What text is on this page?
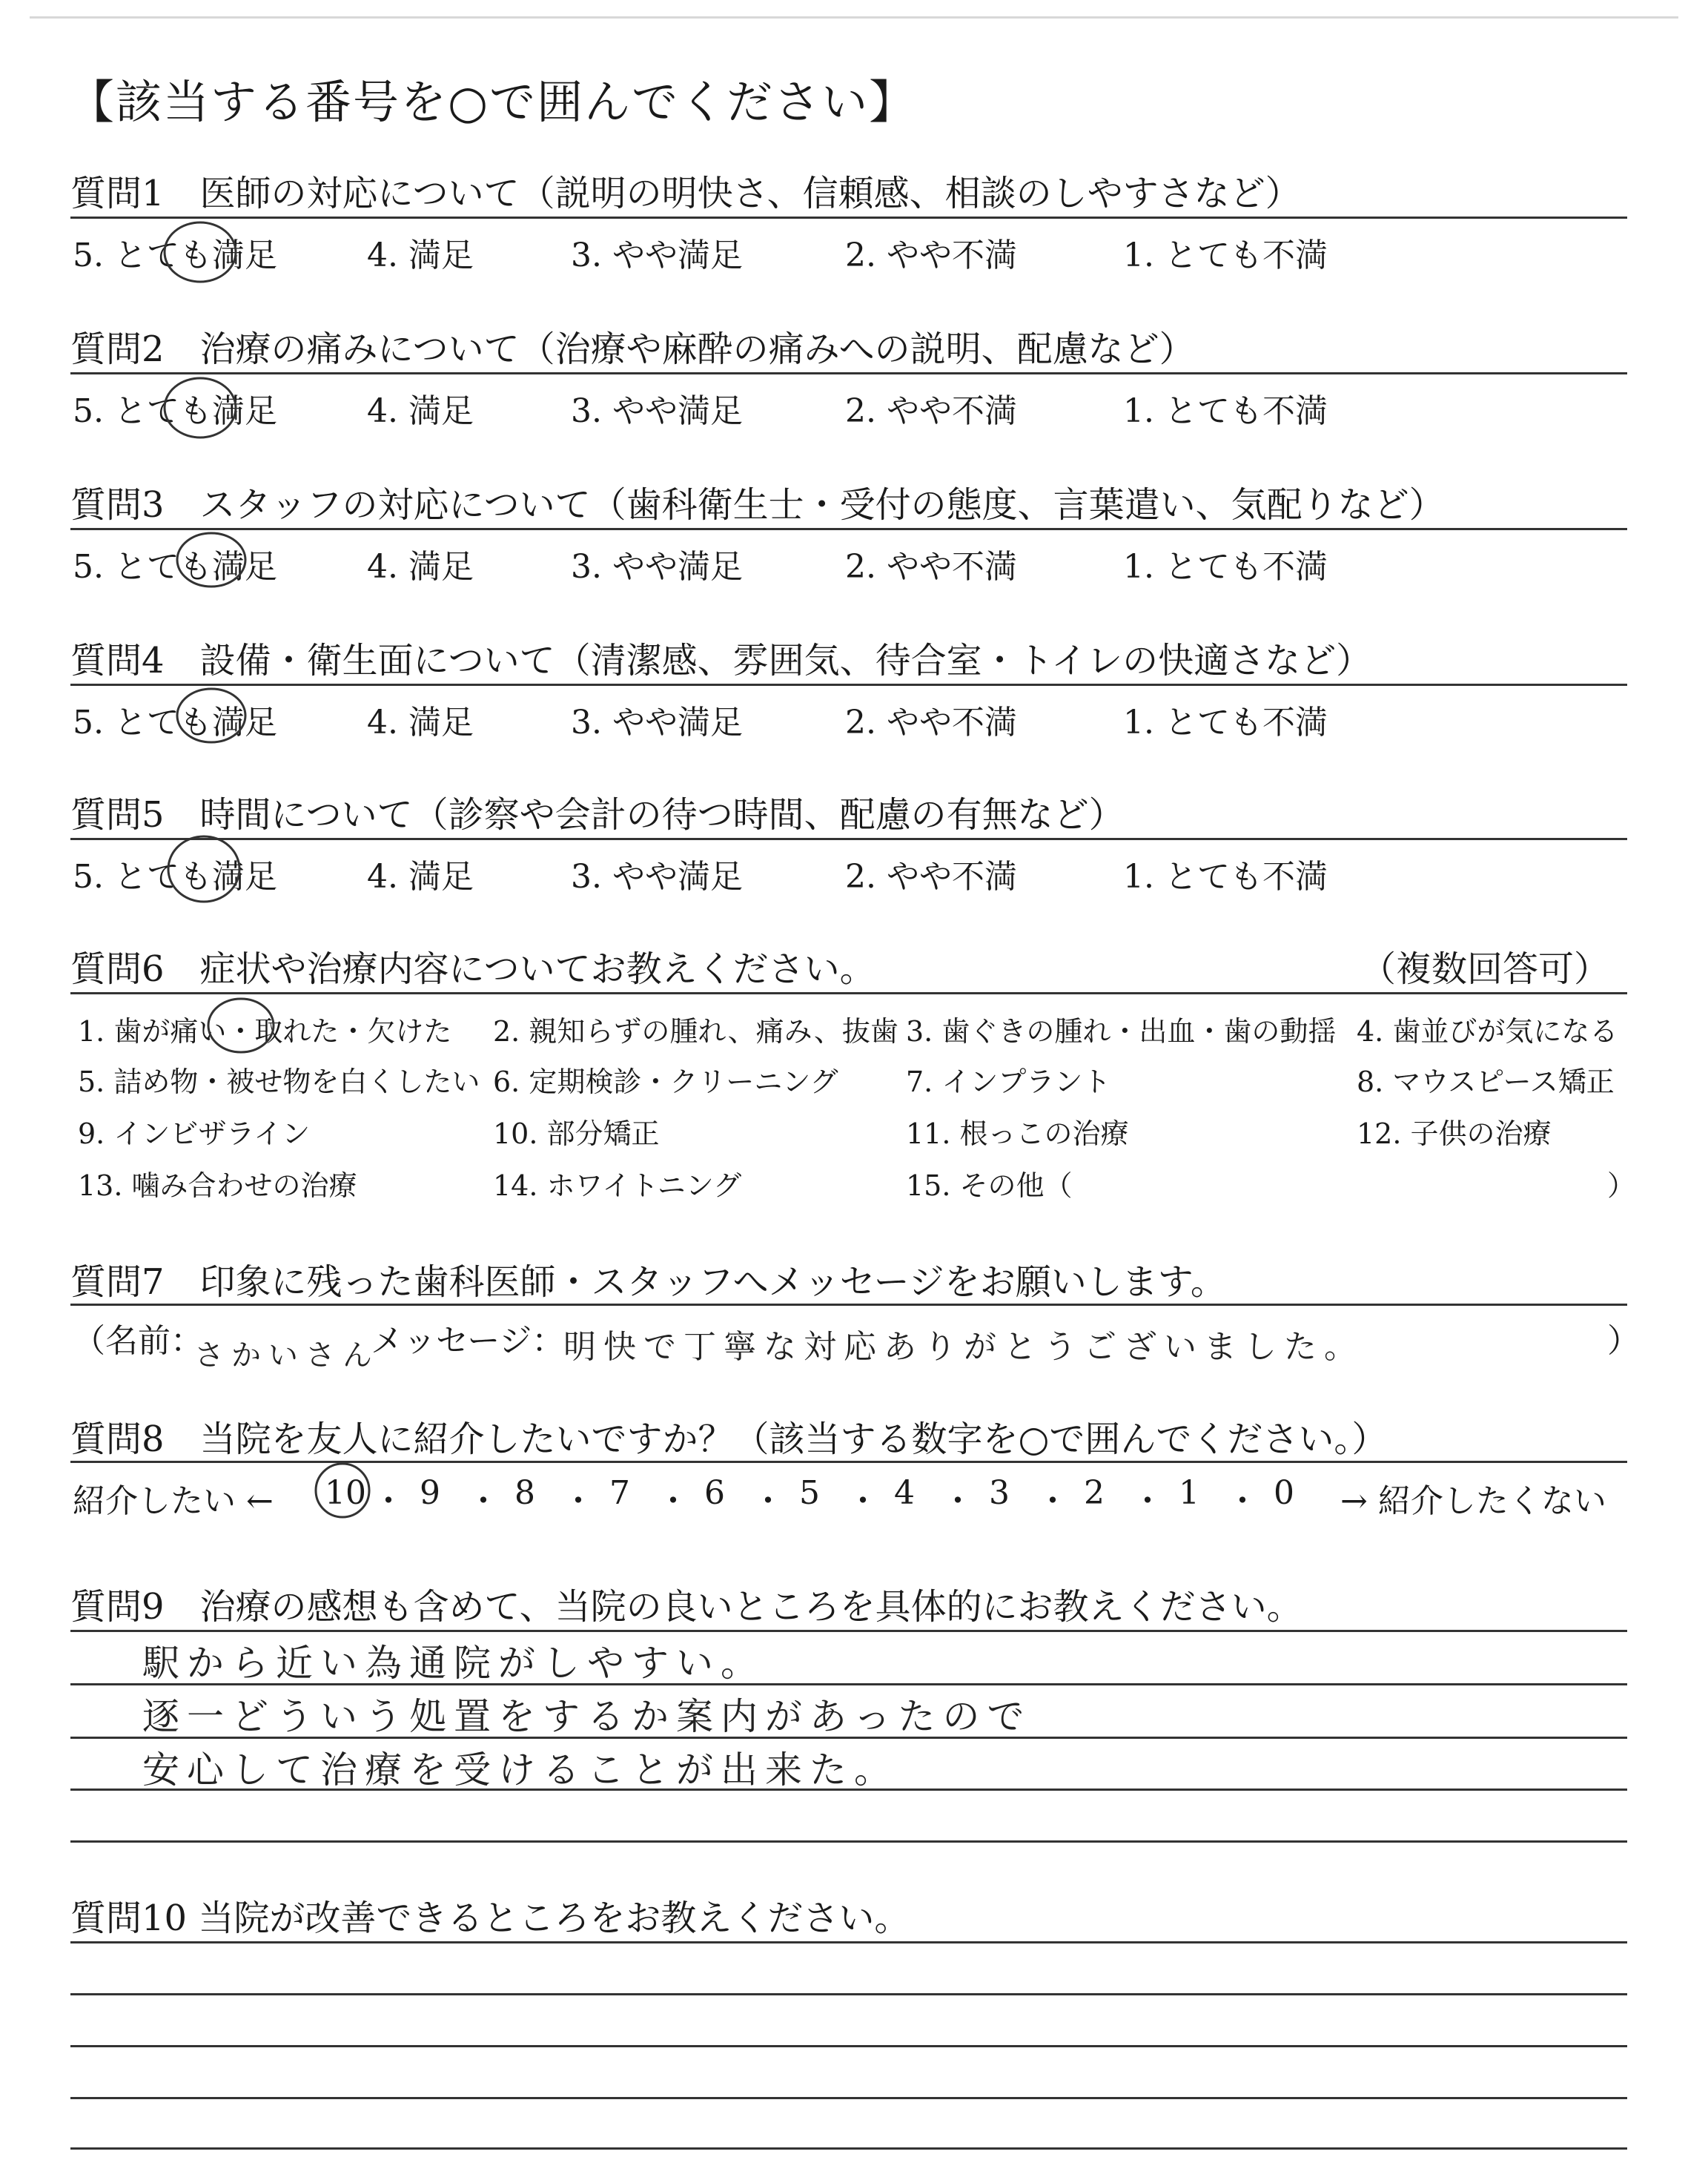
【該当する番号を○で囲んでください】
質問1　医師の対応について（説明の明快さ、信頼感、相談のしやすさなど）
5. とても満足	4. 満足	3. やや満足	2. やや不満	1. とても不満
質問2　治療の痛みについて（治療や麻酔の痛みへの説明、配慮など）
5. とても満足	4. 満足	3. やや満足	2. やや不満	1. とても不満
質問3　スタッフの対応について（歯科衛生士・受付の態度、言葉遣い、気配りなど）
5. とても満足	4. 満足	3. やや満足	2. やや不満	1. とても不満
質問4　設備・衛生面について（清潔感、雰囲気、待合室・トイレの快適さなど）
5. とても満足	4. 満足	3. やや満足	2. やや不満	1. とても不満
質問5　時間について（診察や会計の待つ時間、配慮の有無など）
5. とても満足	4. 満足	3. やや満足	2. やや不満	1. とても不満
質問6　症状や治療内容についてお教えください。	（複数回答可）
1. 歯が痛い・取れた・欠けた 2. 親知らずの腫れ、痛み、抜歯 3. 歯ぐきの腫れ・出血・歯の動揺 4. 歯並びが気になる
5. 詰め物・被せ物を白くしたい 6. 定期検診・クリーニング 7. インプラント	8. マウスピース矯正
9. インビザライン	10. 部分矯正	11. 根っこの治療	12. 子供の治療
13. 噛み合わせの治療	14. ホワイトニング	15. その他（	）
質問7　印象に残った歯科医師・スタッフへメッセージをお願いします。
（名前：
さかいさん
メッセージ：
明快で丁寧な対応ありがとうございました。	）
質問8　当院を友人に紹介したいですか？（該当する数字を○で囲んでください。）
紹介したい ←	→ 紹介したくない
10 ・ 9 ・ 8 ・ 7 ・ 6 ・ 5 ・ 4 ・ 3 ・ 2 ・ 1 ・ 0
質問9　治療の感想も含めて、当院の良いところを具体的にお教えください。
駅から近い為通院がしやすい。
逐一どういう処置をするか案内があったので
安心して治療を受けることが出来た。
質問10 当院が改善できるところをお教えください。
